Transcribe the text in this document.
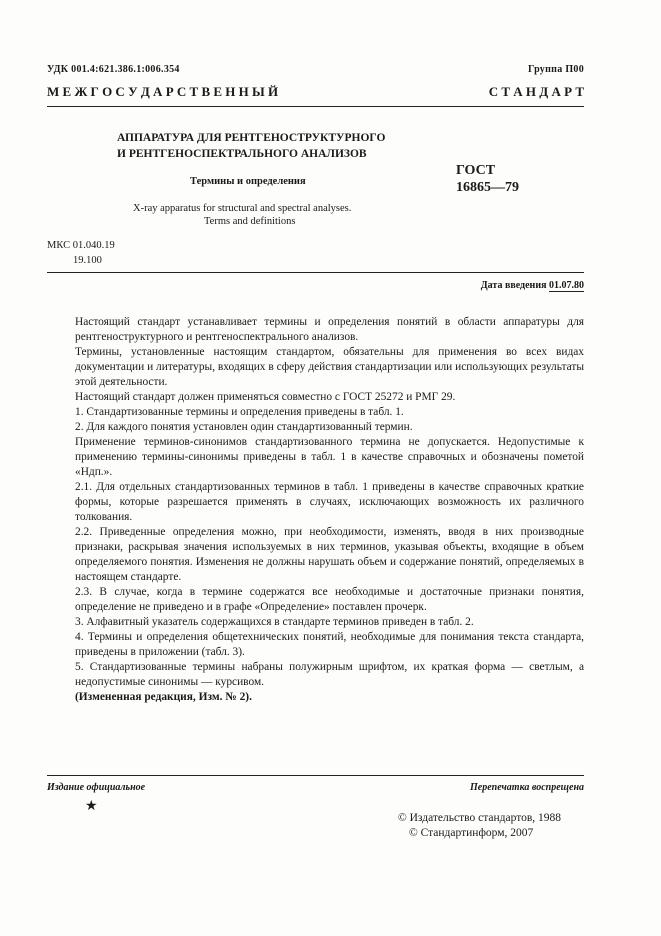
УДК 001.4:621.386.1:006.354	Группа П00
М Е Ж Г О С У Д А Р С Т В Е Н Н Ы Й	С Т А Н Д А Р Т
АППАРАТУРА ДЛЯ РЕНТГЕНОСТРУКТУРНОГО
И РЕНТГЕНОСПЕКТРАЛЬНОГО АНАЛИЗОВ
Термины и определения
X-ray apparatus for structural and spectral analyses.
Terms and definitions
ГОСТ
16865—79
МКС 01.040.19
19.100
Дата введения 01.07.80

Настоящий стандарт устанавливает термины и определения понятий в области аппаратуры для рентгеноструктурного и рентгеноспектрального анализов.

Термины, установленные настоящим стандартом, обязательны для применения во всех видах документации и литературы, входящих в сферу действия стандартизации или использующих результаты этой деятельности.

Настоящий стандарт должен применяться совместно с ГОСТ 25272 и РМГ 29.

1. Стандартизованные термины и определения приведены в табл. 1.

2. Для каждого понятия установлен один стандартизованный термин.

Применение терминов-синонимов стандартизованного термина не допускается. Недопустимые к применению термины-синонимы приведены в табл. 1 в качестве справочных и обозначены пометой «Ндп.».

2.1. Для отдельных стандартизованных терминов в табл. 1 приведены в качестве справочных краткие формы, которые разрешается применять в случаях, исключающих возможность их различного толкования.

2.2. Приведенные определения можно, при необходимости, изменять, вводя в них производные признаки, раскрывая значения используемых в них терминов, указывая объекты, входящие в объем определяемого понятия. Изменения не должны нарушать объем и содержание понятий, определяемых в настоящем стандарте.

2.3. В случае, когда в термине содержатся все необходимые и достаточные признаки понятия, определение не приведено и в графе «Определение» поставлен прочерк.

3. Алфавитный указатель содержащихся в стандарте терминов приведен в табл. 2.

4. Термины и определения общетехнических понятий, необходимые для понимания текста стандарта, приведены в приложении (табл. 3).

5. Стандартизованные термины набраны полужирным шрифтом, их краткая форма — светлым, а недопустимые синонимы — курсивом.

(Измененная редакция, Изм. № 2).

Издание официальное	Перепечатка воспрещена
★
© Издательство стандартов, 1988
© Стандартинформ, 2007
